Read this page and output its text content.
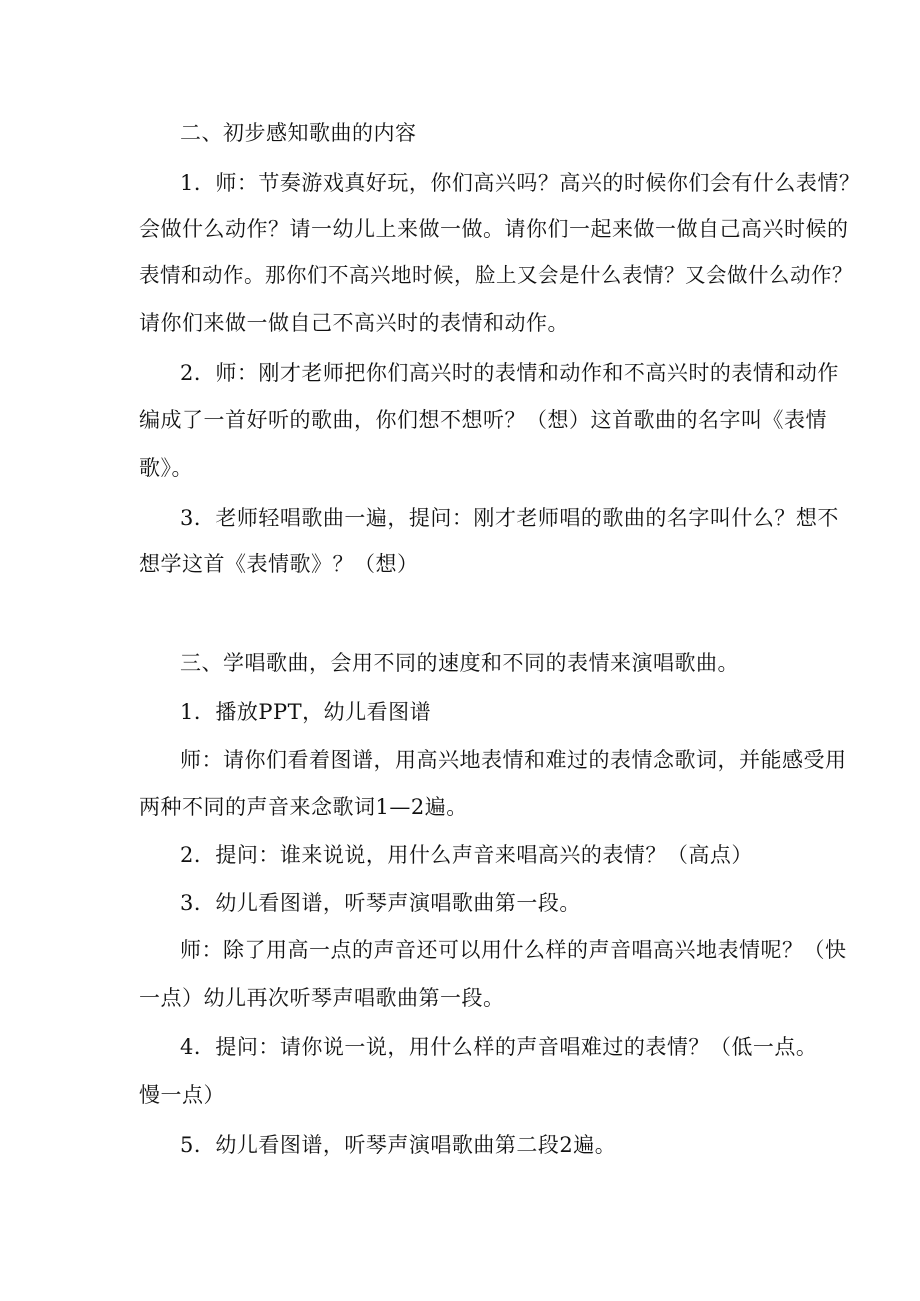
二、初步感知歌曲的内容
1．师：节奏游戏真好玩，你们高兴吗？高兴的时候你们会有什么表情？
会做什么动作？请一幼儿上来做一做。请你们一起来做一做自己高兴时候的
表情和动作。那你们不高兴地时候，脸上又会是什么表情？又会做什么动作？
请你们来做一做自己不高兴时的表情和动作。
2．师：刚才老师把你们高兴时的表情和动作和不高兴时的表情和动作
编成了一首好听的歌曲，你们想不想听？（想）这首歌曲的名字叫《表情
歌》。
3．老师轻唱歌曲一遍，提问：刚才老师唱的歌曲的名字叫什么？想不
想学这首《表情歌》？（想）
三、学唱歌曲，会用不同的速度和不同的表情来演唱歌曲。
1．播放PPT，幼儿看图谱
师：请你们看着图谱，用高兴地表情和难过的表情念歌词，并能感受用
两种不同的声音来念歌词1—2遍。
2．提问：谁来说说，用什么声音来唱高兴的表情？（高点）
3．幼儿看图谱，听琴声演唱歌曲第一段。
师：除了用高一点的声音还可以用什么样的声音唱高兴地表情呢？（快
一点）幼儿再次听琴声唱歌曲第一段。
4．提问：请你说一说，用什么样的声音唱难过的表情？（低一点。
慢一点）
5．幼儿看图谱，听琴声演唱歌曲第二段2遍。
